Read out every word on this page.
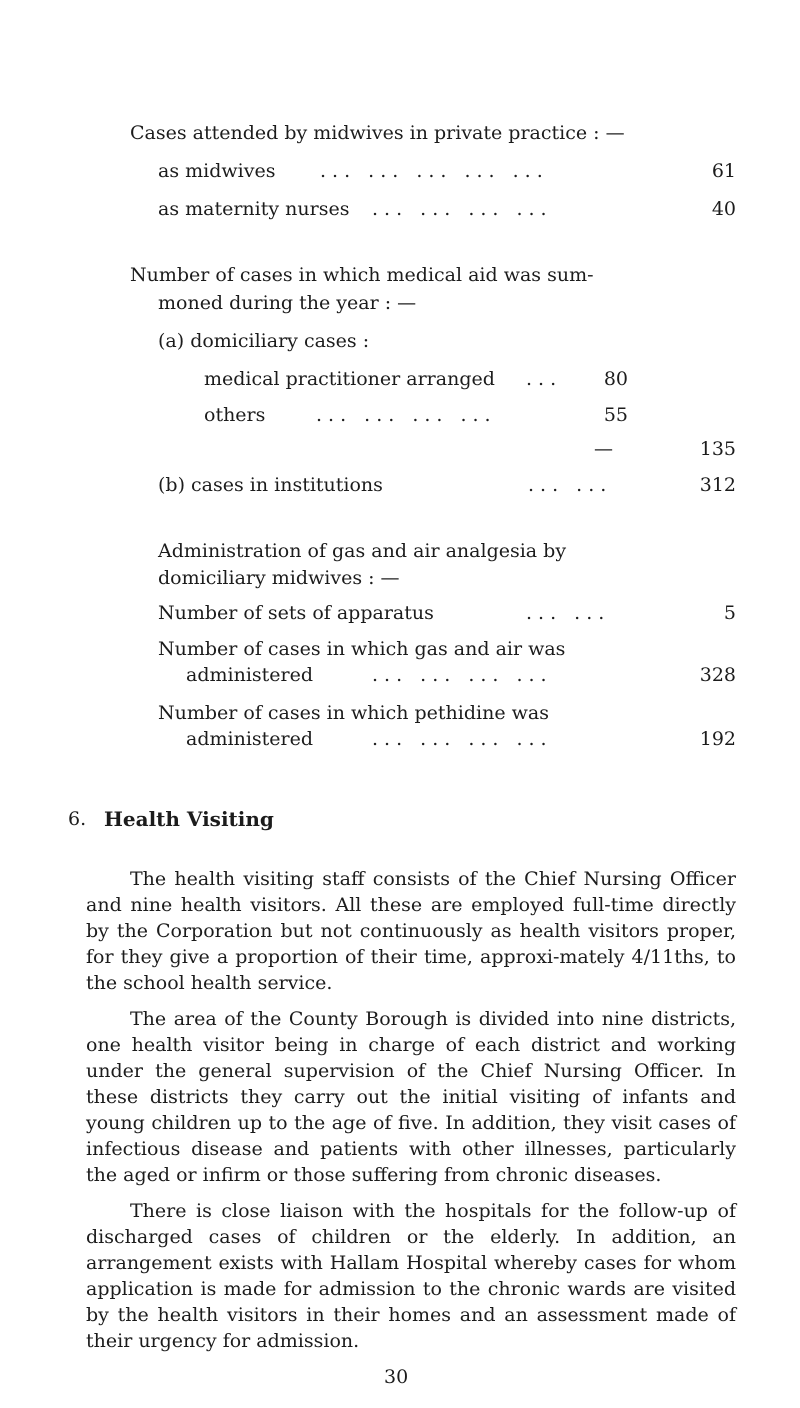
Cases attended by midwives in private practice : —
as midwives ... ... ... ... ...	61
as maternity nurses ... ... ... ...	40
Number of cases in which medical aid was sum-
moned during the year : —
(a) domiciliary cases :
medical practitioner arranged ...	80
others	... ... ... ...	55
—	135
(b) cases in institutions	... ...	312
Administration of gas and air analgesia by
domiciliary midwives : —
Number of sets of apparatus	... ...	5
Number of cases in which gas and air was
administered	... ... ... ...	328
Number of cases in which pethidine was
administered	... ... ... ...	192
6. Health Visiting

The health visiting staff consists of the Chief Nursing Officer and nine health visitors. All these are employed full-time directly by the Corporation but not continuously as health visitors proper, for they give a proportion of their time, approxi-mately 4/11ths, to the school health service.

The area of the County Borough is divided into nine districts, one health visitor being in charge of each district and working under the general supervision of the Chief Nursing Officer. In these districts they carry out the initial visiting of infants and young children up to the age of five. In addition, they visit cases of infectious disease and patients with other illnesses, particularly the aged or infirm or those suffering from chronic diseases.

There is close liaison with the hospitals for the follow-up of discharged cases of children or the elderly. In addition, an arrangement exists with Hallam Hospital whereby cases for whom application is made for admission to the chronic wards are visited by the health visitors in their homes and an assessment made of their urgency for admission.

30
